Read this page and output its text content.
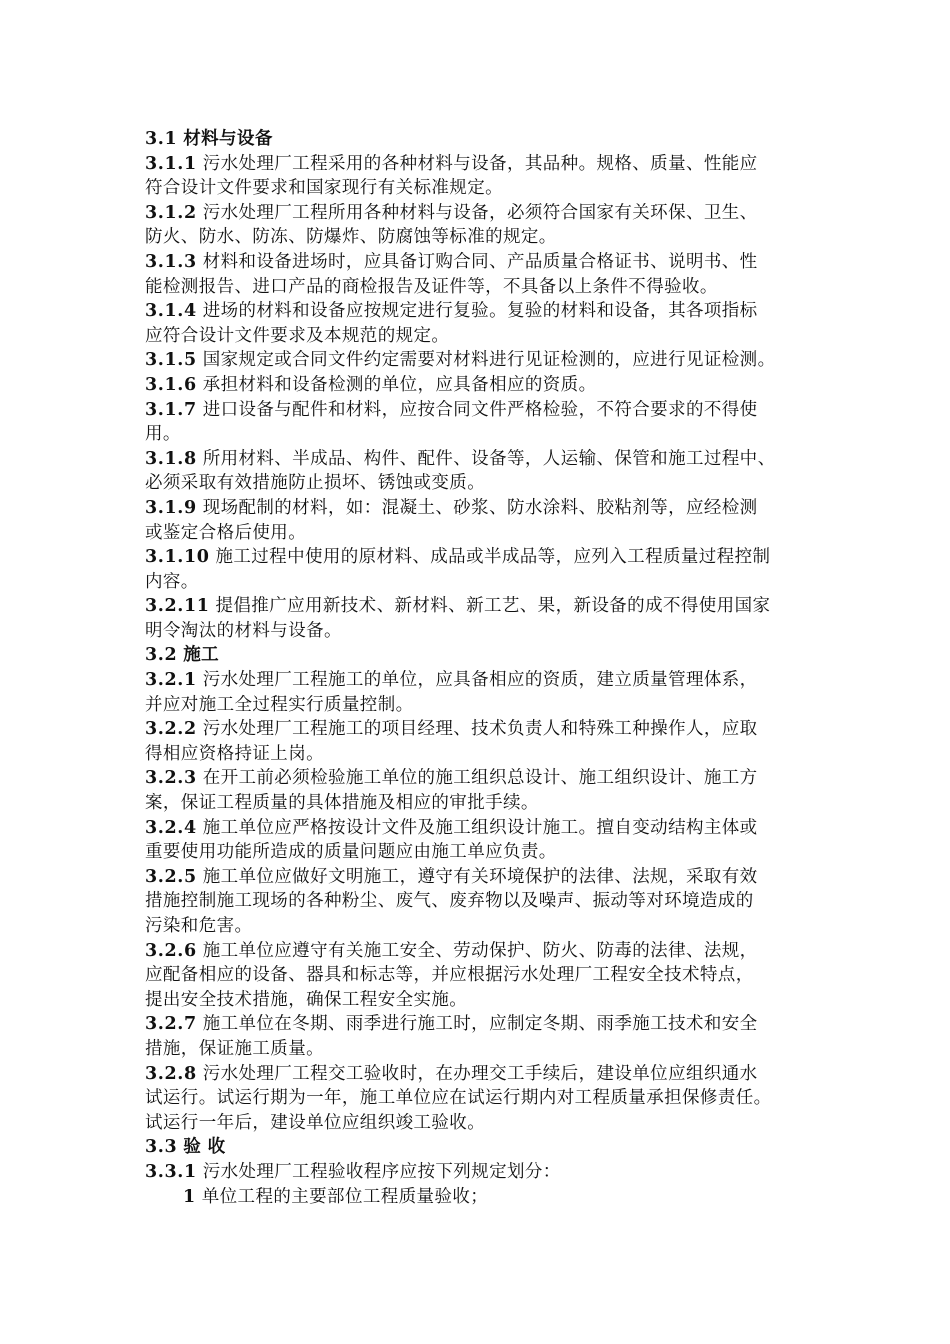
3.1 材料与设备
3.1.1 污水处理厂工程采用的各种材料与设备，其品种。规格、质量、性能应
符合设计文件要求和国家现行有关标准规定。
3.1.2 污水处理厂工程所用各种材料与设备，必须符合国家有关环保、卫生、
防火、防水、防冻、防爆炸、防腐蚀等标准的规定。
3.1.3 材料和设备进场时，应具备订购合同、产品质量合格证书、说明书、性
能检测报告、进口产品的商检报告及证件等，不具备以上条件不得验收。
3.1.4 进场的材料和设备应按规定进行复验。复验的材料和设备，其各项指标
应符合设计文件要求及本规范的规定。
3.1.5 国家规定或合同文件约定需要对材料进行见证检测的，应进行见证检测。
3.1.6 承担材料和设备检测的单位，应具备相应的资质。
3.1.7 进口设备与配件和材料，应按合同文件严格检验，不符合要求的不得使
用。
3.1.8 所用材料、半成品、构件、配件、设备等，人运输、保管和施工过程中、
必须采取有效措施防止损坏、锈蚀或变质。
3.1.9 现场配制的材料，如：混凝土、砂浆、防水涂料、胶粘剂等，应经检测
或鉴定合格后使用。
3.1.10 施工过程中使用的原材料、成品或半成品等，应列入工程质量过程控制
内容。
3.2.11 提倡推广应用新技术、新材料、新工艺、果，新设备的成不得使用国家
明令淘汰的材料与设备。
3.2 施工
3.2.1 污水处理厂工程施工的单位，应具备相应的资质，建立质量管理体系，
并应对施工全过程实行质量控制。
3.2.2 污水处理厂工程施工的项目经理、技术负责人和特殊工种操作人，应取
得相应资格持证上岗。
3.2.3 在开工前必须检验施工单位的施工组织总设计、施工组织设计、施工方
案，保证工程质量的具体措施及相应的审批手续。
3.2.4 施工单位应严格按设计文件及施工组织设计施工。擅自变动结构主体或
重要使用功能所造成的质量问题应由施工单应负责。
3.2.5 施工单位应做好文明施工，遵守有关环境保护的法律、法规，采取有效
措施控制施工现场的各种粉尘、废气、废弃物以及噪声、振动等对环境造成的
污染和危害。
3.2.6 施工单位应遵守有关施工安全、劳动保护、防火、防毒的法律、法规，
应配备相应的设备、器具和标志等，并应根据污水处理厂工程安全技术特点，
提出安全技术措施，确保工程安全实施。
3.2.7 施工单位在冬期、雨季进行施工时，应制定冬期、雨季施工技术和安全
措施，保证施工质量。
3.2.8 污水处理厂工程交工验收时，在办理交工手续后，建设单位应组织通水
试运行。试运行期为一年，施工单位应在试运行期内对工程质量承担保修责任。
试运行一年后，建设单位应组织竣工验收。
3.3 验 收
3.3.1 污水处理厂工程验收程序应按下列规定划分：
1 单位工程的主要部位工程质量验收；
